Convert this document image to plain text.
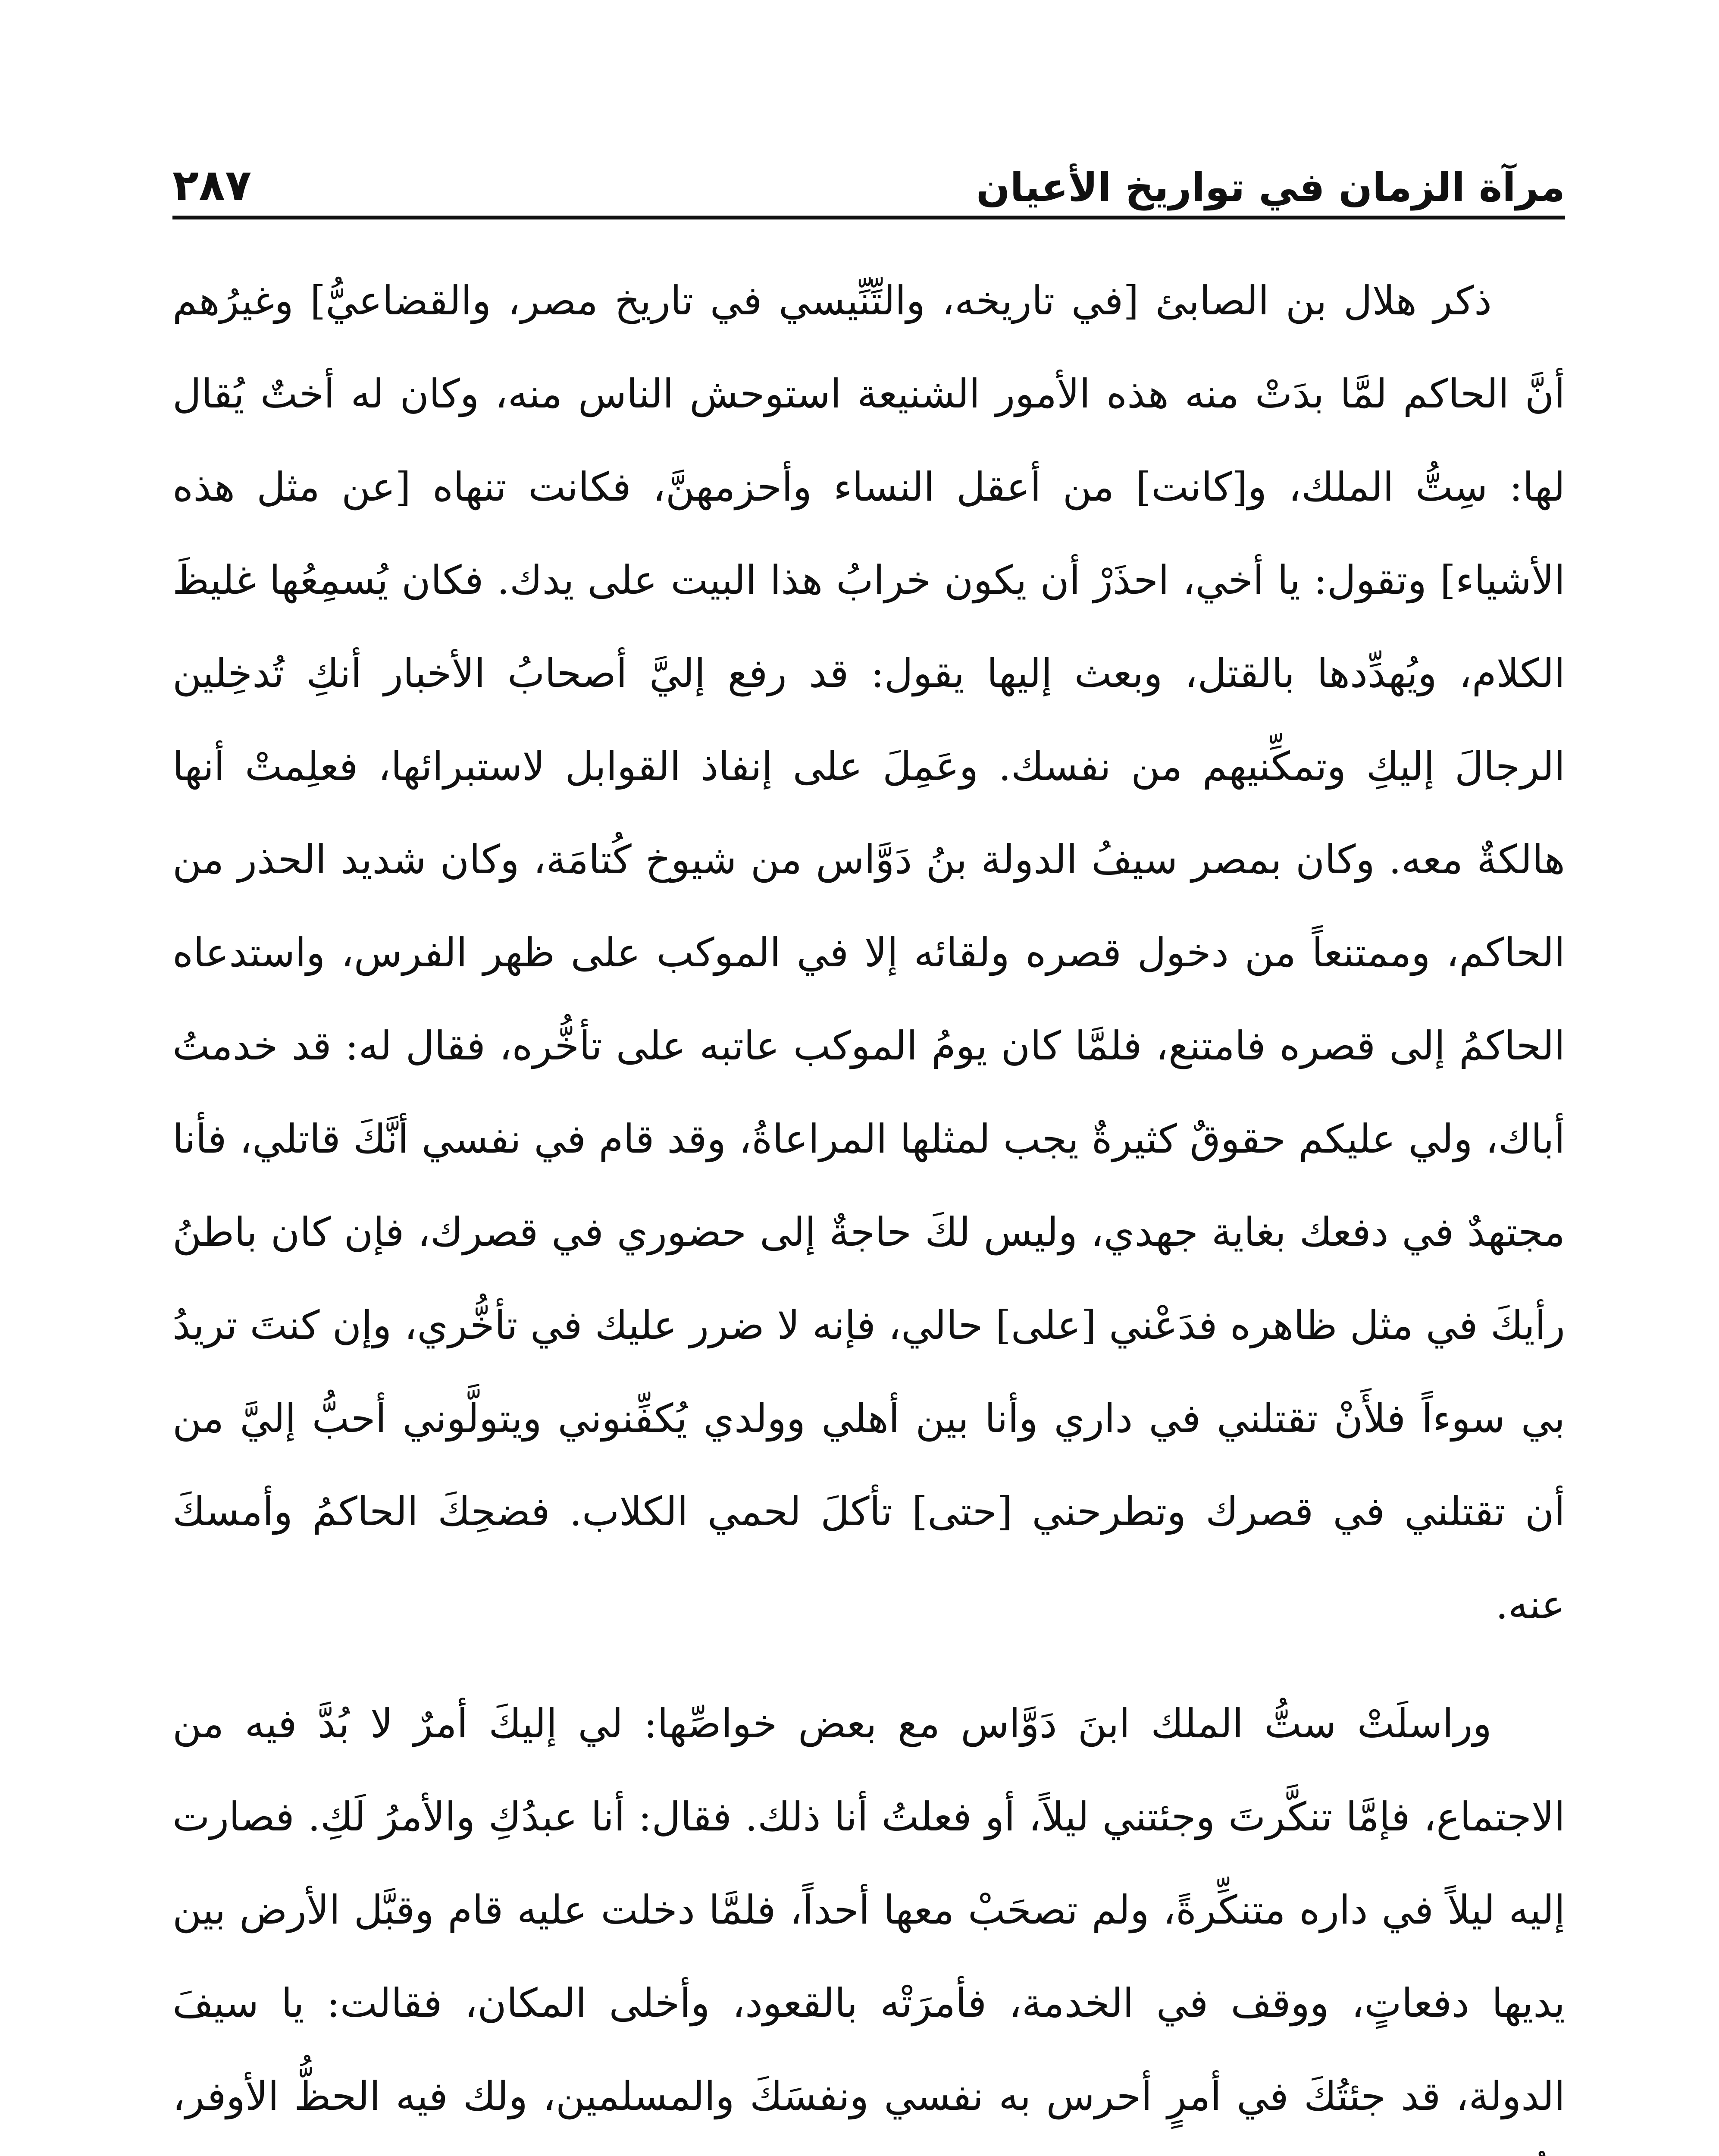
مرآة الزمان في تواريخ الأعيان
٢٨٧

ذكر هلال بن الصابئ [في تاريخه، والتِّنِّيسي في تاريخ مصر، والقضاعيُّ] وغيرُهم أنَّ الحاكم لمَّا بدَتْ منه هذه الأمور الشنيعة استوحش الناس منه، وكان له أختٌ يُقال لها: سِتُّ الملك، و[كانت] من أعقل النساء وأحزمهنَّ، فكانت تنهاه [عن مثل هذه الأشياء] وتقول: يا أخي، احذَرْ أن يكون خرابُ هذا البيت على يدك. فكان يُسمِعُها غليظَ الكلام، ويُهدِّدها بالقتل، وبعث إليها يقول: قد رفع إليَّ أصحابُ الأخبار أنكِ تُدخِلين الرجالَ إليكِ وتمكِّنيهم من نفسك. وعَمِلَ على إنفاذ القوابل لاستبرائها، فعلِمتْ أنها هالكةٌ معه. وكان بمصر سيفُ الدولة بنُ دَوَّاس من شيوخ كُتامَة، وكان شديد الحذر من الحاكم، وممتنعاً من دخول قصره ولقائه إلا في الموكب على ظهر الفرس، واستدعاه الحاكمُ إلى قصره فامتنع، فلمَّا كان يومُ الموكب عاتبه على تأخُّره، فقال له: قد خدمتُ أباك، ولي عليكم حقوقٌ كثيرةٌ يجب لمثلها المراعاةُ، وقد قام في نفسي أنَّكَ قاتلي، فأنا مجتهدٌ في دفعك بغاية جهدي، وليس لكَ حاجةٌ إلى حضوري في قصرك، فإن كان باطنُ رأيكَ في مثل ظاهره فدَعْني [على] حالي، فإنه لا ضرر عليك في تأخُّري، وإن كنتَ تريدُ بي سوءاً فلأَنْ تقتلني في داري وأنا بين أهلي وولدي يُكفِّنوني ويتولَّوني أحبُّ إليَّ من أن تقتلني في قصرك وتطرحني [حتى] تأكلَ لحمي الكلاب. فضحِكَ الحاكمُ وأمسكَ عنه.

وراسلَتْ ستُّ الملك ابنَ دَوَّاس مع بعض خواصِّها: لي إليكَ أمرٌ لا بُدَّ فيه من الاجتماع، فإمَّا تنكَّرتَ وجئتني ليلاً، أو فعلتُ أنا ذلك. فقال: أنا عبدُكِ والأمرُ لَكِ. فصارت إليه ليلاً في داره متنكِّرةً، ولم تصحَبْ معها أحداً، فلمَّا دخلت عليه قام وقبَّل الأرض بين يديها دفعاتٍ، ووقف في الخدمة، فأمرَتْه بالقعود، وأخلى المكان، فقالت: يا سيفَ الدولة، قد جئتُكَ في أمرٍ أحرس به نفسي ونفسَكَ والمسلمين، ولك فيه الحظُّ الأوفر،
